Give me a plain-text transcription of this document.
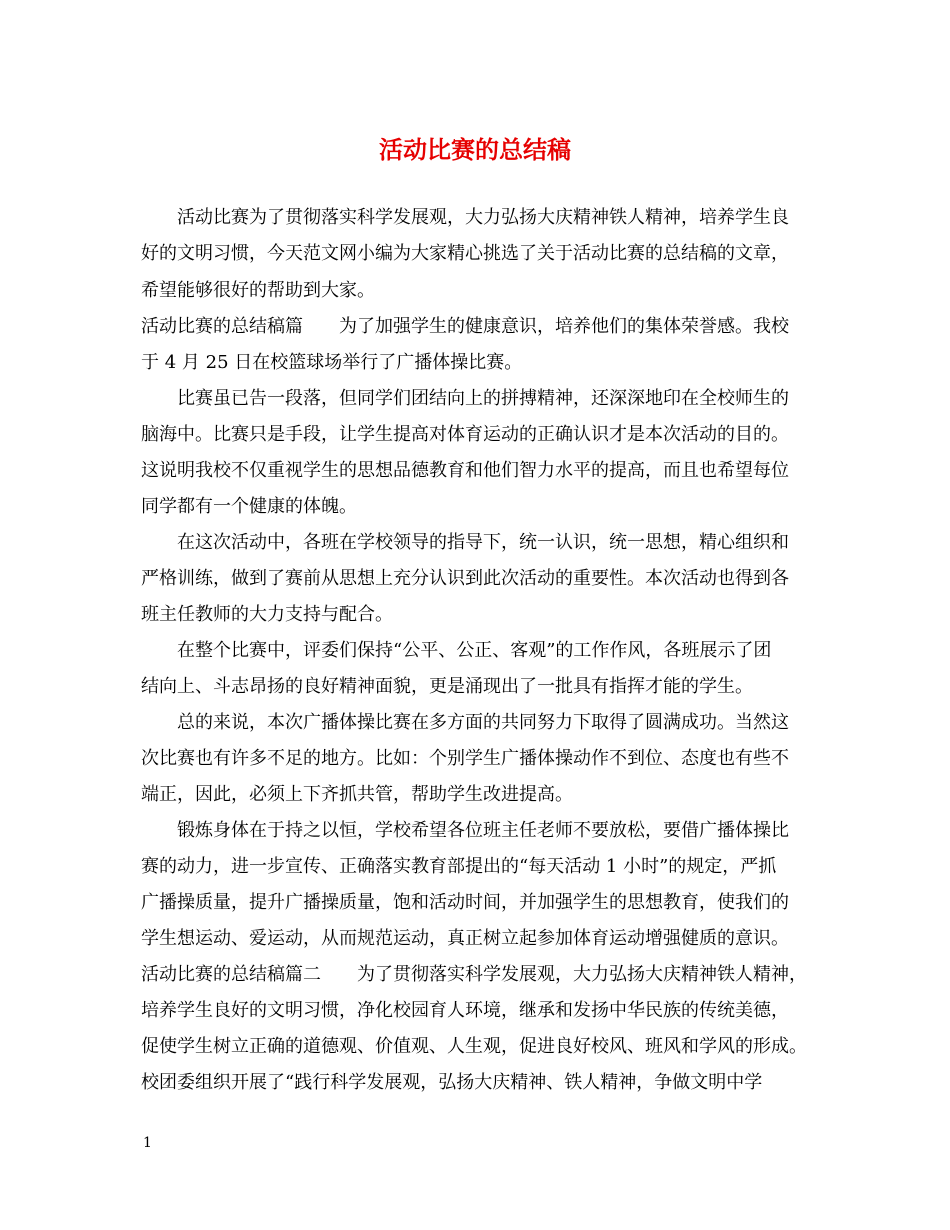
活动比赛的总结稿
活动比赛为了贯彻落实科学发展观，大力弘扬大庆精神铁人精神，培养学生良
好的文明习惯，今天范文网小编为大家精心挑选了关于活动比赛的总结稿的文章，
希望能够很好的帮助到大家。
活动比赛的总结稿篇 为了加强学生的健康意识，培养他们的集体荣誉感。我校
于 4 月 25 日在校篮球场举行了广播体操比赛。
比赛虽已告一段落，但同学们团结向上的拼搏精神，还深深地印在全校师生的
脑海中。比赛只是手段，让学生提高对体育运动的正确认识才是本次活动的目的。
这说明我校不仅重视学生的思想品德教育和他们智力水平的提高，而且也希望每位
同学都有一个健康的体魄。
在这次活动中，各班在学校领导的指导下，统一认识，统一思想，精心组织和
严格训练，做到了赛前从思想上充分认识到此次活动的重要性。本次活动也得到各
班主任教师的大力支持与配合。
在整个比赛中，评委们保持“公平、公正、客观”的工作作风，各班展示了团
结向上、斗志昂扬的良好精神面貌，更是涌现出了一批具有指挥才能的学生。
总的来说，本次广播体操比赛在多方面的共同努力下取得了圆满成功。当然这
次比赛也有许多不足的地方。比如：个别学生广播体操动作不到位、态度也有些不
端正，因此，必须上下齐抓共管，帮助学生改进提高。
锻炼身体在于持之以恒，学校希望各位班主任老师不要放松，要借广播体操比
赛的动力，进一步宣传、正确落实教育部提出的“每天活动 1 小时”的规定，严抓
广播操质量，提升广播操质量，饱和活动时间，并加强学生的思想教育，使我们的
学生想运动、爱运动，从而规范运动，真正树立起参加体育运动增强健质的意识。
活动比赛的总结稿篇二 为了贯彻落实科学发展观，大力弘扬大庆精神铁人精神，
培养学生良好的文明习惯，净化校园育人环境，继承和发扬中华民族的传统美德，
促使学生树立正确的道德观、价值观、人生观，促进良好校风、班风和学风的形成。
校团委组织开展了“践行科学发展观，弘扬大庆精神、铁人精神，争做文明中学
1
